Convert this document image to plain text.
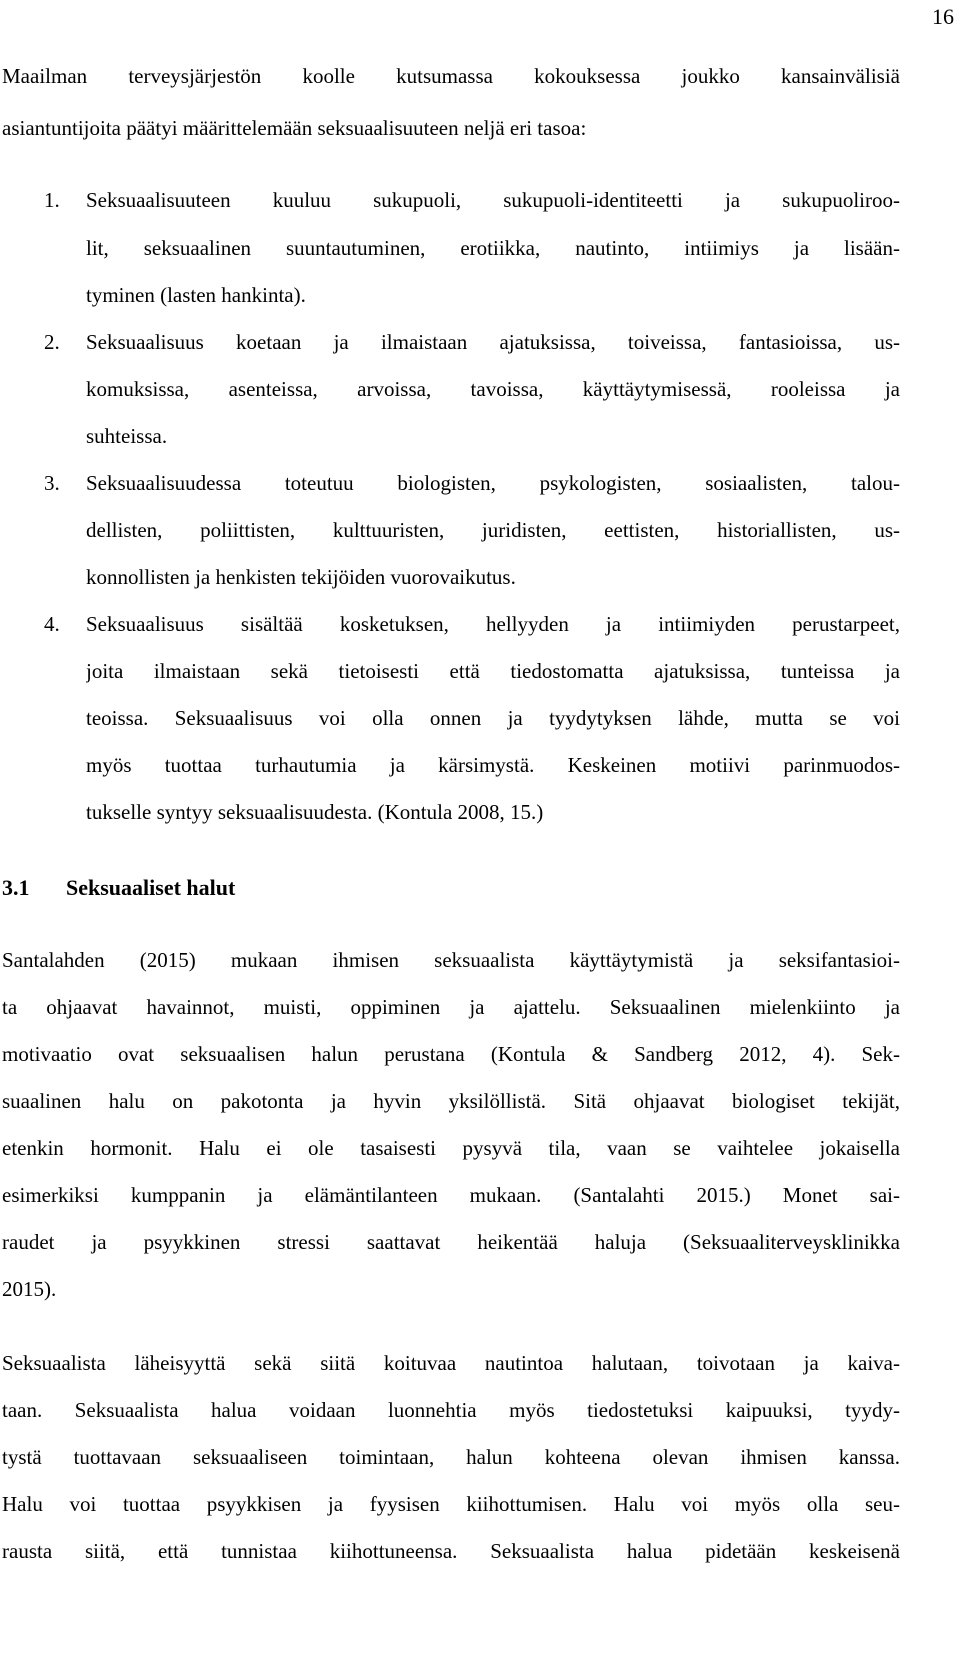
16
Maailman terveysjärjestön koolle kutsumassa kokouksessa joukko kansainvälisiä
asiantuntijoita päätyi määrittelemään seksuaalisuuteen neljä eri tasoa:
1. Seksuaalisuuteen kuuluu sukupuoli, sukupuoli-identiteetti ja sukupuoliroo-
lit, seksuaalinen suuntautuminen, erotiikka, nautinto, intiimiys ja lisään-
tyminen (lasten hankinta).
2. Seksuaalisuus koetaan ja ilmaistaan ajatuksissa, toiveissa, fantasioissa, us-
komuksissa, asenteissa, arvoissa, tavoissa, käyttäytymisessä, rooleissa ja
suhteissa.
3. Seksuaalisuudessa toteutuu biologisten, psykologisten, sosiaalisten, talou-
dellisten, poliittisten, kulttuuristen, juridisten, eettisten, historiallisten, us-
konnollisten ja henkisten tekijöiden vuorovaikutus.
4. Seksuaalisuus sisältää kosketuksen, hellyyden ja intiimiyden perustarpeet,
joita ilmaistaan sekä tietoisesti että tiedostomatta ajatuksissa, tunteissa ja
teoissa. Seksuaalisuus voi olla onnen ja tyydytyksen lähde, mutta se voi
myös tuottaa turhautumia ja kärsimystä. Keskeinen motiivi parinmuodos-
tukselle syntyy seksuaalisuudesta. (Kontula 2008, 15.)
3.1 Seksuaaliset halut
Santalahden (2015) mukaan ihmisen seksuaalista käyttäytymistä ja seksifantasioi-
ta ohjaavat havainnot, muisti, oppiminen ja ajattelu. Seksuaalinen mielenkiinto ja
motivaatio ovat seksuaalisen halun perustana (Kontula & Sandberg 2012, 4). Sek-
suaalinen halu on pakotonta ja hyvin yksilöllistä. Sitä ohjaavat biologiset tekijät,
etenkin hormonit. Halu ei ole tasaisesti pysyvä tila, vaan se vaihtelee jokaisella
esimerkiksi kumppanin ja elämäntilanteen mukaan. (Santalahti 2015.) Monet sai-
raudet ja psyykkinen stressi saattavat heikentää haluja (Seksuaaliterveysklinikka
2015).
Seksuaalista läheisyyttä sekä siitä koituvaa nautintoa halutaan, toivotaan ja kaiva-
taan. Seksuaalista halua voidaan luonnehtia myös tiedostetuksi kaipuuksi, tyydy-
tystä tuottavaan seksuaaliseen toimintaan, halun kohteena olevan ihmisen kanssa.
Halu voi tuottaa psyykkisen ja fyysisen kiihottumisen. Halu voi myös olla seu-
rausta siitä, että tunnistaa kiihottuneensa. Seksuaalista halua pidetään keskeisenä
